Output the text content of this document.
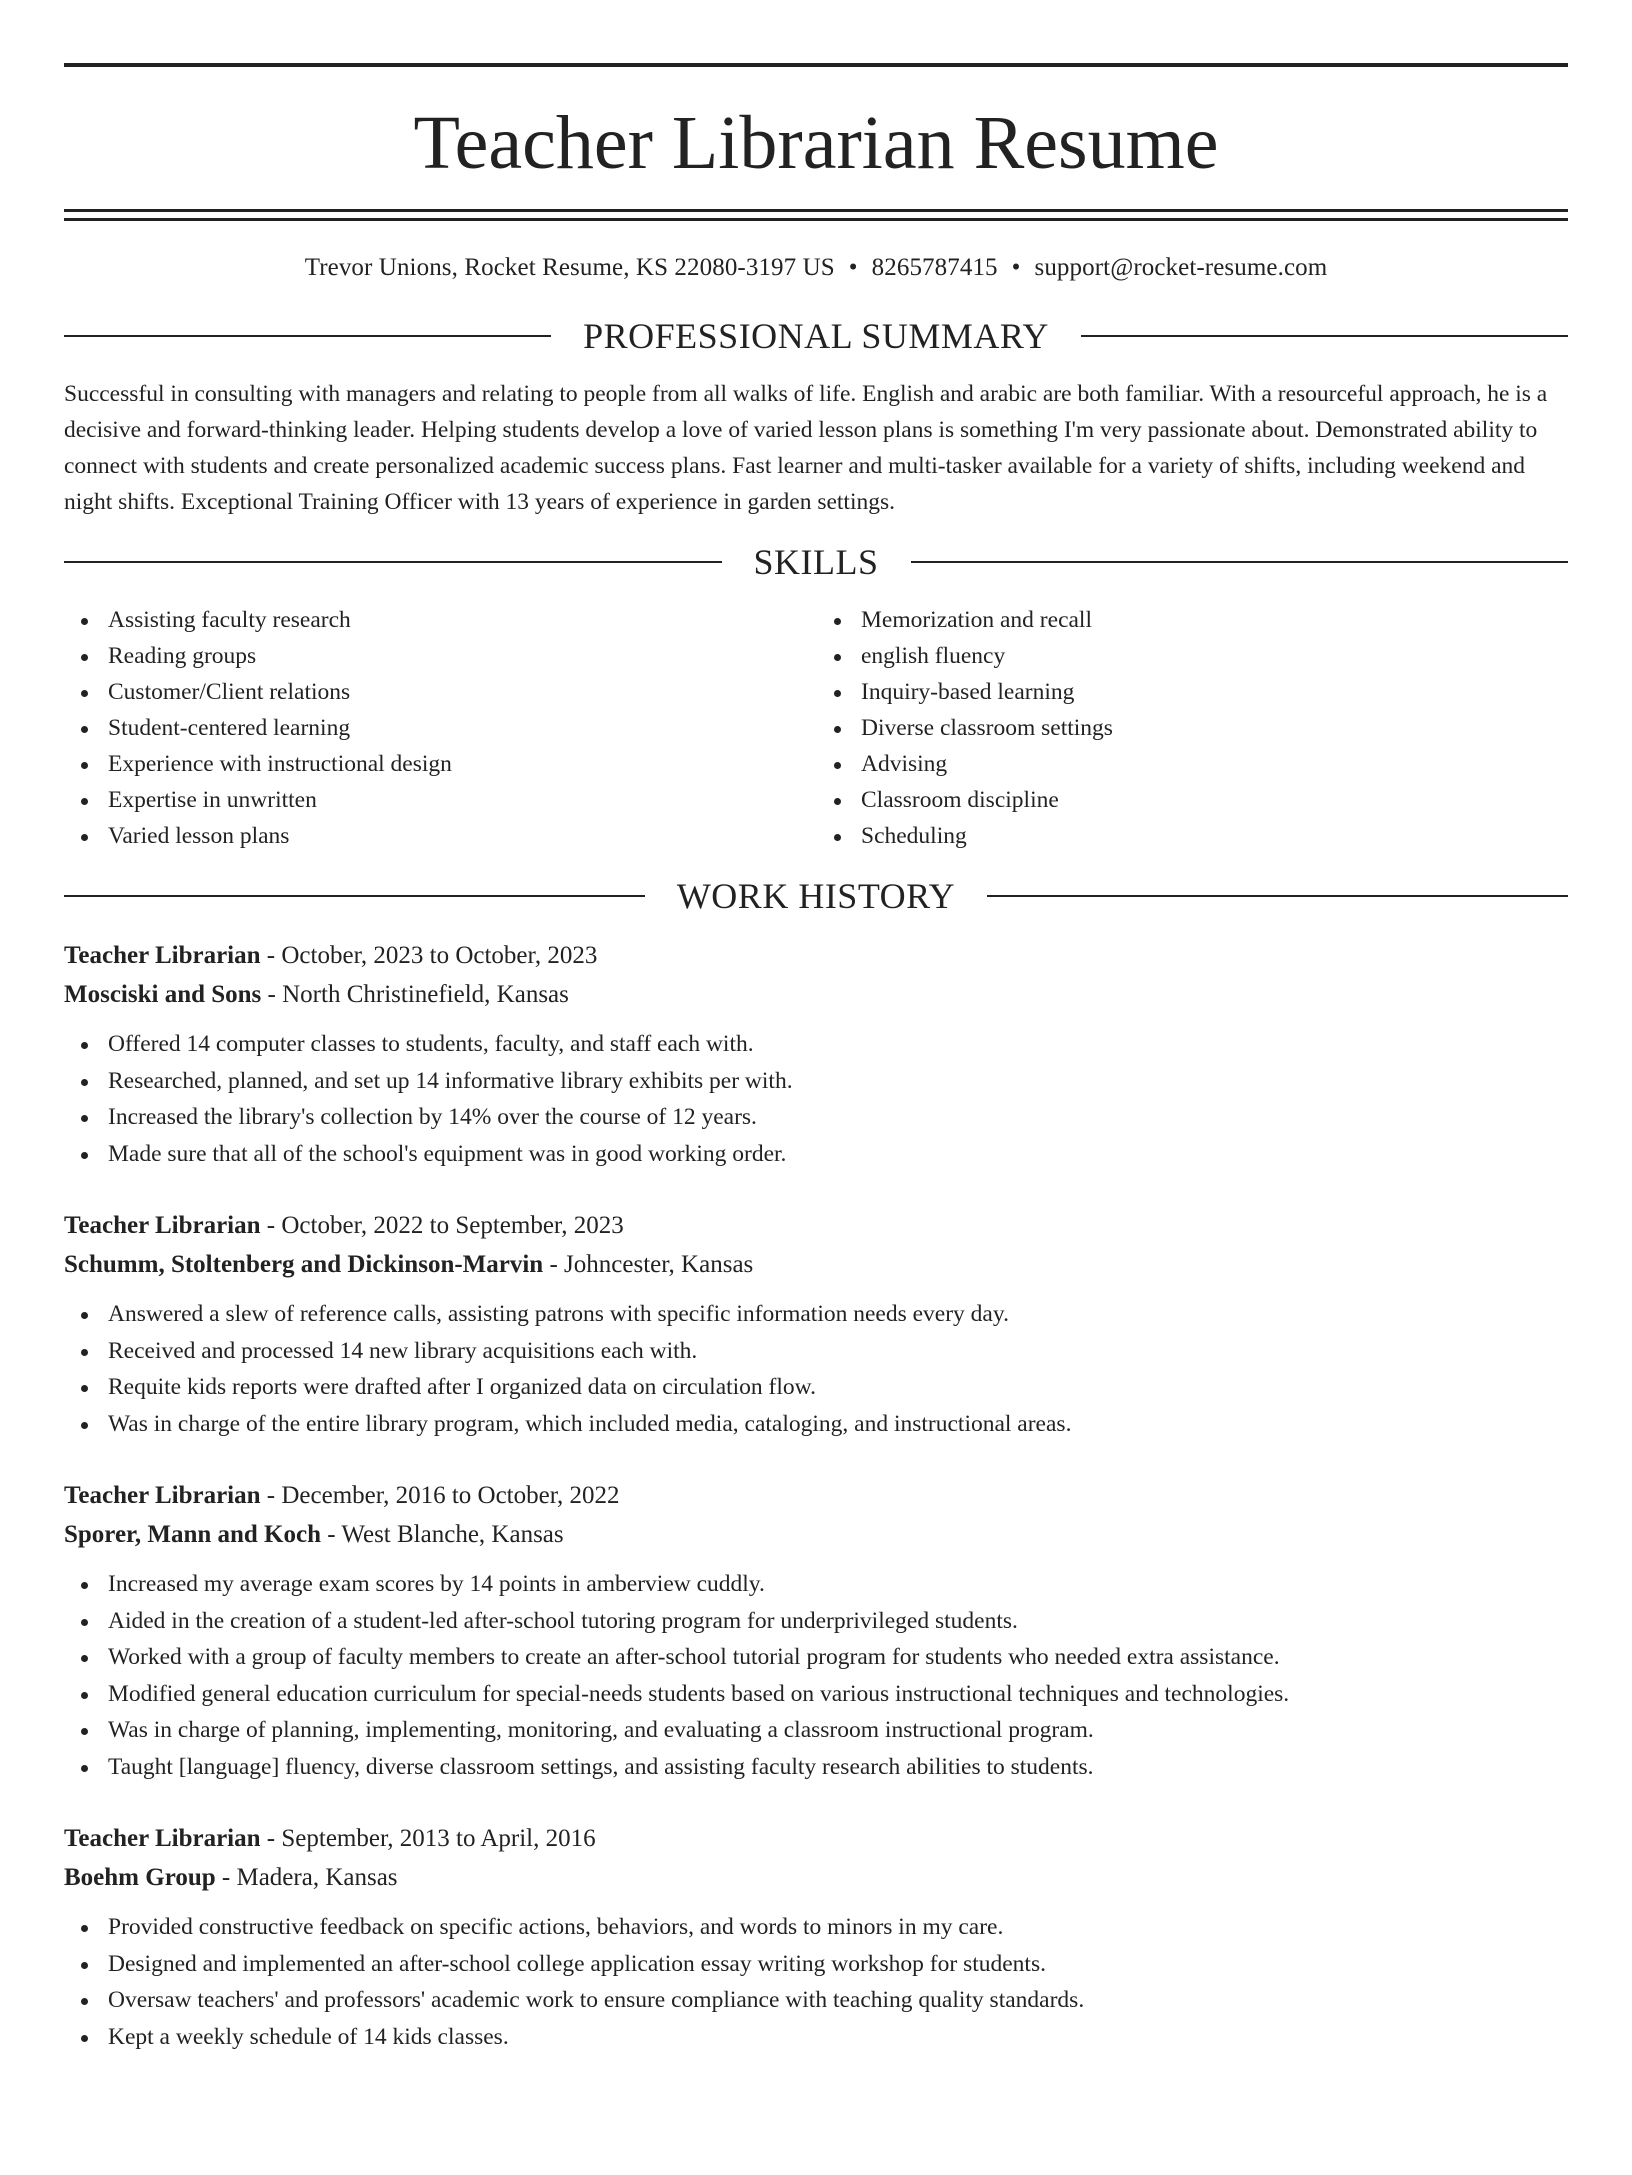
Teacher Librarian Resume
Trevor Unions, Rocket Resume, KS 22080-3197 US • 8265787415 • support@rocket-resume.com
PROFESSIONAL SUMMARY

Successful in consulting with managers and relating to people from all walks of life. English and arabic are both familiar. With a resourceful approach, he is a decisive and forward-thinking leader. Helping students develop a love of varied lesson plans is something I'm very passionate about. Demonstrated ability to connect with students and create personalized academic success plans. Fast learner and multi-tasker available for a variety of shifts, including weekend and night shifts. Exceptional Training Officer with 13 years of experience in garden settings.

SKILLS
Assisting faculty research
Reading groups
Customer/Client relations
Student-centered learning
Experience with instructional design
Expertise in unwritten
Varied lesson plans
Memorization and recall
english fluency
Inquiry-based learning
Diverse classroom settings
Advising
Classroom discipline
Scheduling
WORK HISTORY
Teacher Librarian - October, 2023 to October, 2023
Mosciski and Sons - North Christinefield, Kansas
Offered 14 computer classes to students, faculty, and staff each with.
Researched, planned, and set up 14 informative library exhibits per with.
Increased the library's collection by 14% over the course of 12 years.
Made sure that all of the school's equipment was in good working order.
Teacher Librarian - October, 2022 to September, 2023
Schumm, Stoltenberg and Dickinson-Marvin - Johncester, Kansas
Answered a slew of reference calls, assisting patrons with specific information needs every day.
Received and processed 14 new library acquisitions each with.
Requite kids reports were drafted after I organized data on circulation flow.
Was in charge of the entire library program, which included media, cataloging, and instructional areas.
Teacher Librarian - December, 2016 to October, 2022
Sporer, Mann and Koch - West Blanche, Kansas
Increased my average exam scores by 14 points in amberview cuddly.
Aided in the creation of a student-led after-school tutoring program for underprivileged students.
Worked with a group of faculty members to create an after-school tutorial program for students who needed extra assistance.
Modified general education curriculum for special-needs students based on various instructional techniques and technologies.
Was in charge of planning, implementing, monitoring, and evaluating a classroom instructional program.
Taught [language] fluency, diverse classroom settings, and assisting faculty research abilities to students.
Teacher Librarian - September, 2013 to April, 2016
Boehm Group - Madera, Kansas
Provided constructive feedback on specific actions, behaviors, and words to minors in my care.
Designed and implemented an after-school college application essay writing workshop for students.
Oversaw teachers' and professors' academic work to ensure compliance with teaching quality standards.
Kept a weekly schedule of 14 kids classes.
